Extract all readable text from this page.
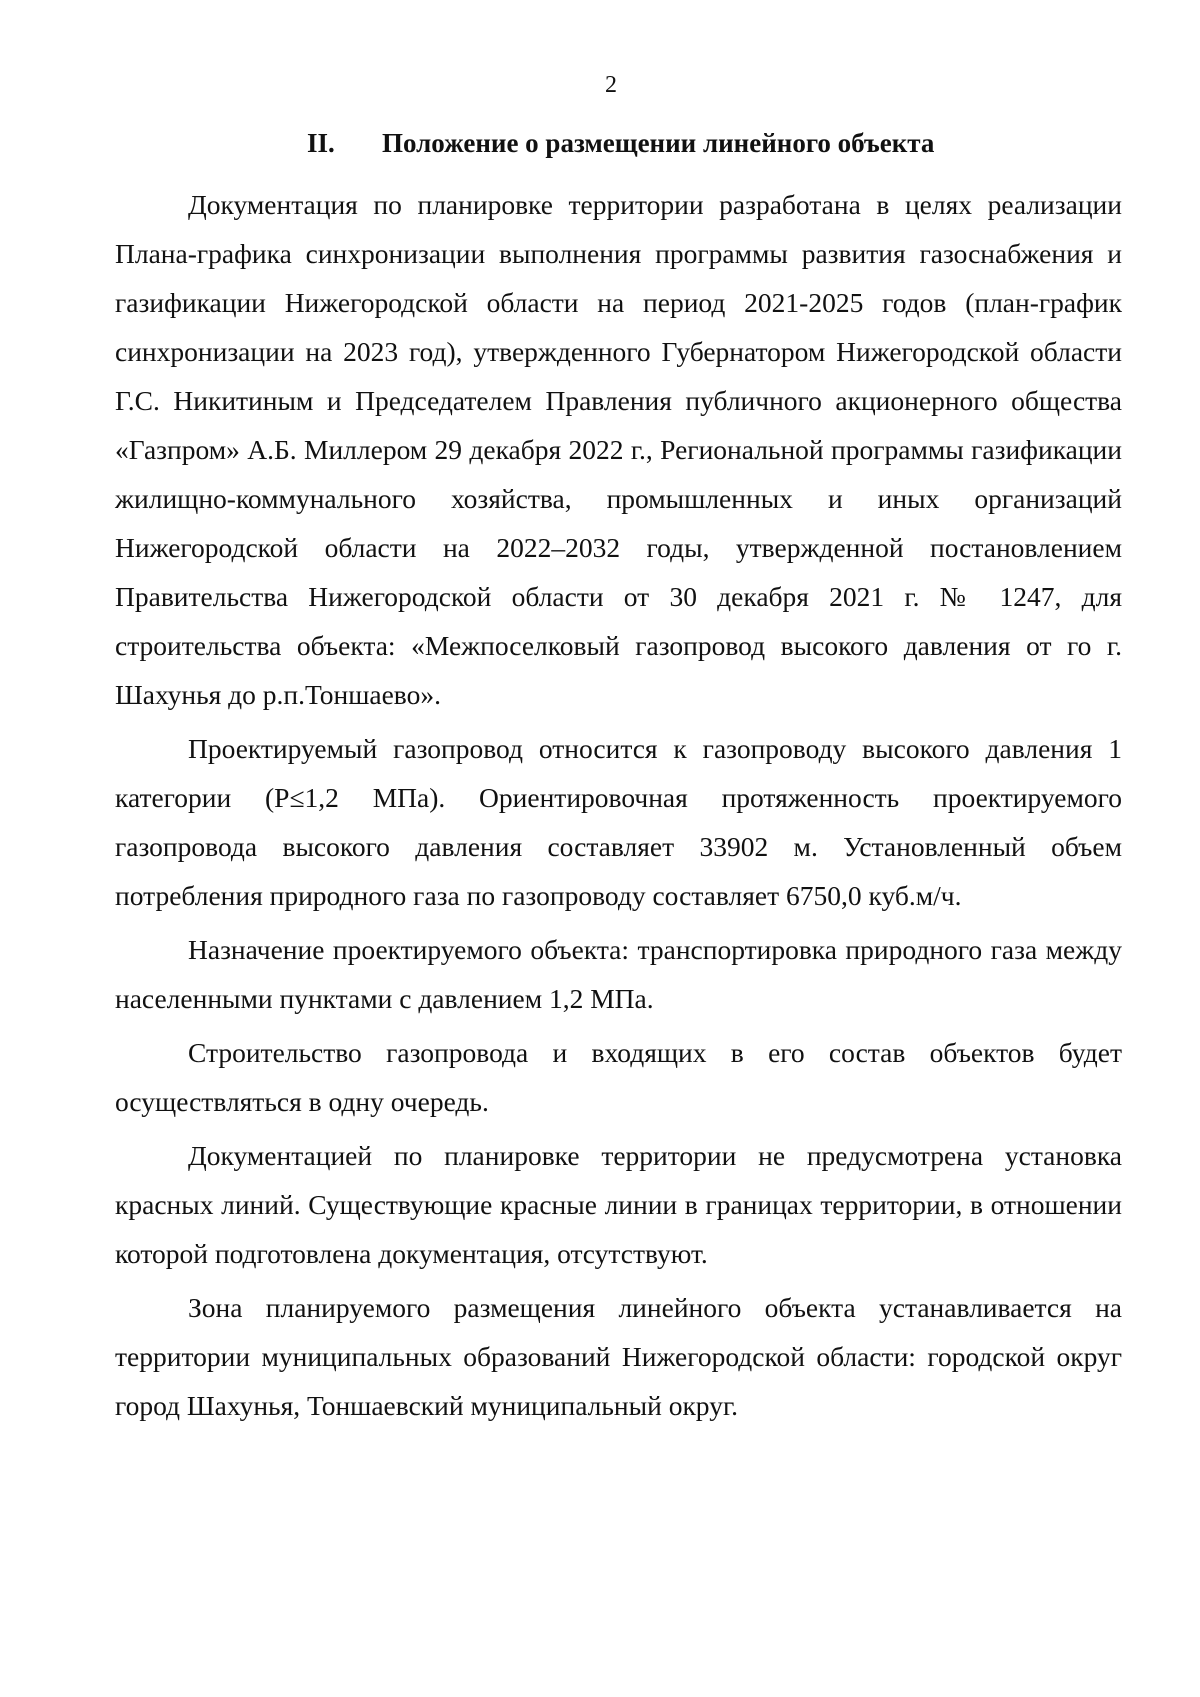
2
II. Положение о размещении линейного объекта

Документация по планировке территории разработана в целях реализации Плана-графика синхронизации выполнения программы развития газоснабжения и газификации Нижегородской области на период 2021-2025 годов (план-график синхронизации на 2023 год), утвержденного Губернатором Нижегородской области Г.С. Никитиным и Председателем Правления публичного акционерного общества «Газпром» А.Б. Миллером 29 декабря 2022 г., Региональной программы газификации жилищно-коммунального хозяйства, промышленных и иных организаций Нижегородской области на 2022–2032 годы, утвержденной постановлением Правительства Нижегородской области от 30 декабря 2021 г. № 1247, для строительства объекта: «Межпоселковый газопровод высокого давления от го г. Шахунья до р.п.Тоншаево».

Проектируемый газопровод относится к газопроводу высокого давления 1 категории (Р≤1,2 МПа). Ориентировочная протяженность проектируемого газопровода высокого давления составляет 33902 м. Установленный объем потребления природного газа по газопроводу составляет 6750,0 куб.м/ч.

Назначение проектируемого объекта: транспортировка природного газа между населенными пунктами с давлением 1,2 МПа.

Строительство газопровода и входящих в его состав объектов будет осуществляться в одну очередь.

Документацией по планировке территории не предусмотрена установка красных линий. Существующие красные линии в границах территории, в отношении которой подготовлена документация, отсутствуют.

Зона планируемого размещения линейного объекта устанавливается на территории муниципальных образований Нижегородской области: городской округ город Шахунья, Тоншаевский муниципальный округ.
